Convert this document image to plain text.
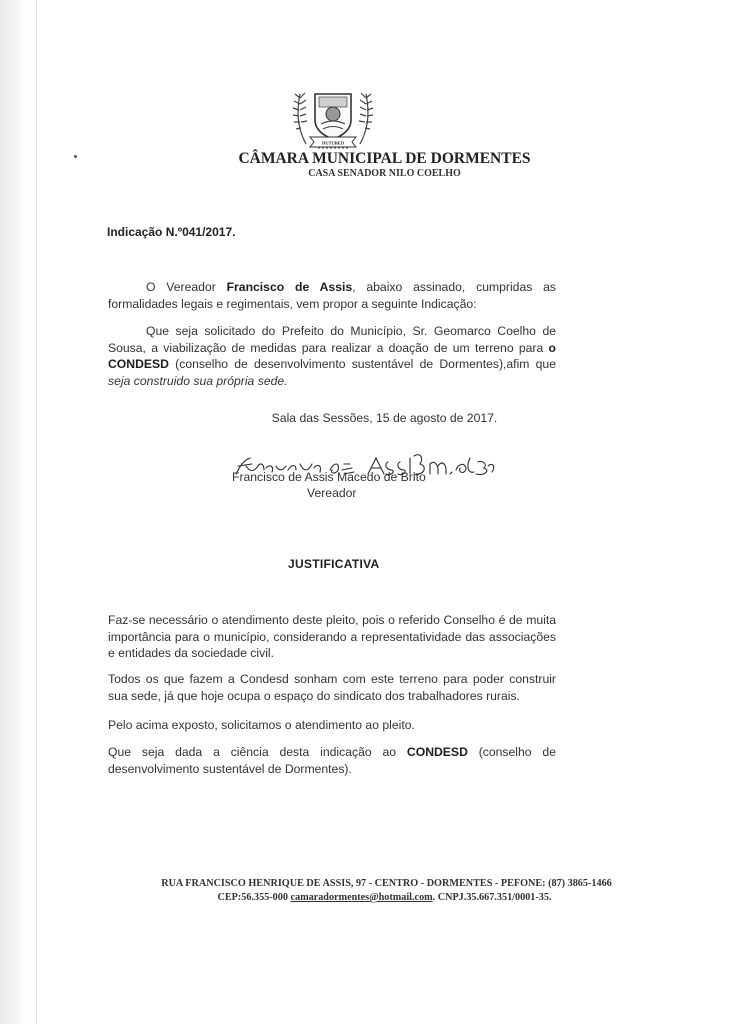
DUTUBED
CÂMARA MUNICIPAL DE DORMENTES
CASA SENADOR NILO COELHO
Indicação N.º041/2017.
O Vereador Francisco de Assis, abaixo assinado, cumpridas as formalidades legais e regimentais, vem propor a seguinte Indicação:
Que seja solicitado do Prefeito do Município, Sr. Geomarco Coelho de Sousa, a viabilização de medidas para realizar a doação de um terreno para o CONDESD (conselho de desenvolvimento sustentável de Dormentes),afim que seja construido sua própria sede.
Sala das Sessões, 15 de agosto de 2017.
francisco de Assis M. de Brito
Francisco de Assis Macedo de Brito
Vereador
JUSTIFICATIVA
Faz-se necessário o atendimento deste pleito, pois o referido Conselho é de muita importância para o município, considerando a representatividade das associações e entidades da sociedade civil.
Todos os que fazem a Condesd sonham com este terreno para poder construir sua sede, já que hoje ocupa o espaço do sindicato dos trabalhadores rurais.
Pelo acima exposto, solicitamos o atendimento ao pleito.
Que seja dada a ciência desta indicação ao CONDESD (conselho de desenvolvimento sustentável de Dormentes).
RUA FRANCISCO HENRIQUE DE ASSIS, 97 - CENTRO - DORMENTES - PEFONE: (87) 3865-1466
CEP:56.355-000 camaradormentes@hotmail.com. CNPJ.35.667.351/0001-35.
